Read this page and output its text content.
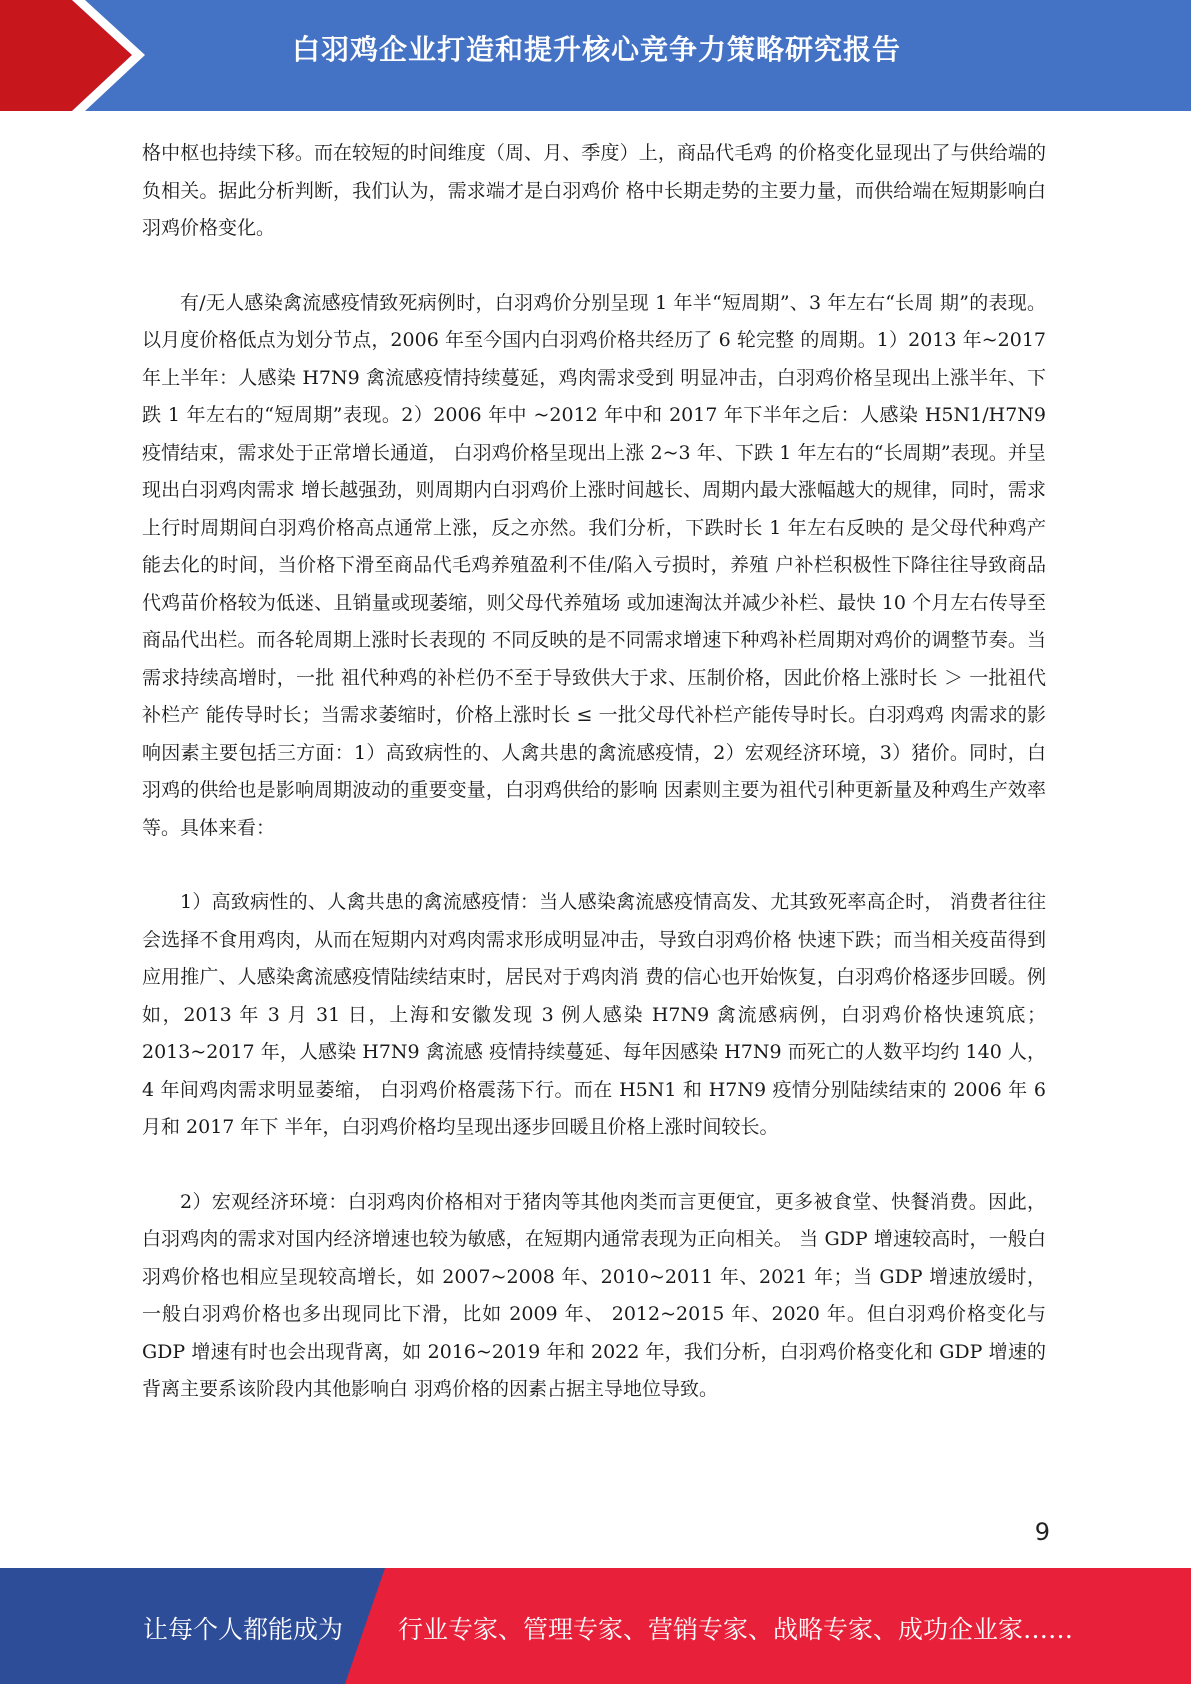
白羽鸡企业打造和提升核心竞争力策略研究报告

格中枢也持续下移。而在较短的时间维度（周、月、季度）上，商品代毛鸡 的价格变化显现出了与供给端的负相关。据此分析判断，我们认为，需求端才是白羽鸡价 格中长期走势的主要力量，而供给端在短期影响白羽鸡价格变化。

有/无人感染禽流感疫情致死病例时，白羽鸡价分别呈现 1 年半“短周期”、3 年左右“长周 期”的表现。以月度价格低点为划分节点，2006 年至今国内白羽鸡价格共经历了 6 轮完整 的周期。1）2013 年~2017 年上半年：人感染 H7N9 禽流感疫情持续蔓延，鸡肉需求受到 明显冲击，白羽鸡价格呈现出上涨半年、下跌 1 年左右的“短周期”表现。2）2006 年中 ~2012 年中和 2017 年下半年之后：人感染 H5N1/H7N9 疫情结束，需求处于正常增长通道， 白羽鸡价格呈现出上涨 2~3 年、下跌 1 年左右的“长周期”表现。并呈现出白羽鸡肉需求 增长越强劲，则周期内白羽鸡价上涨时间越长、周期内最大涨幅越大的规律，同时，需求 上行时周期间白羽鸡价格高点通常上涨，反之亦然。我们分析，下跌时长 1 年左右反映的 是父母代种鸡产能去化的时间，当价格下滑至商品代毛鸡养殖盈利不佳/陷入亏损时，养殖 户补栏积极性下降往往导致商品代鸡苗价格较为低迷、且销量或现萎缩，则父母代养殖场 或加速淘汰并减少补栏、最快 10 个月左右传导至商品代出栏。而各轮周期上涨时长表现的 不同反映的是不同需求增速下种鸡补栏周期对鸡价的调整节奏。当需求持续高增时，一批 祖代种鸡的补栏仍不至于导致供大于求、压制价格，因此价格上涨时长 ＞ 一批祖代补栏产 能传导时长；当需求萎缩时，价格上涨时长 ≤ 一批父母代补栏产能传导时长。白羽鸡鸡 肉需求的影响因素主要包括三方面：1）高致病性的、人禽共患的禽流感疫情，2）宏观经济环境，3）猪价。同时，白羽鸡的供给也是影响周期波动的重要变量，白羽鸡供给的影响 因素则主要为祖代引种更新量及种鸡生产效率等。具体来看：

1）高致病性的、人禽共患的禽流感疫情：当人感染禽流感疫情高发、尤其致死率高企时， 消费者往往会选择不食用鸡肉，从而在短期内对鸡肉需求形成明显冲击，导致白羽鸡价格 快速下跌；而当相关疫苗得到应用推广、人感染禽流感疫情陆续结束时，居民对于鸡肉消 费的信心也开始恢复，白羽鸡价格逐步回暖。例如，2013 年 3 月 31 日，上海和安徽发现 3 例人感染 H7N9 禽流感病例，白羽鸡价格快速筑底；2013~2017 年，人感染 H7N9 禽流感 疫情持续蔓延、每年因感染 H7N9 而死亡的人数平均约 140 人，4 年间鸡肉需求明显萎缩， 白羽鸡价格震荡下行。而在 H5N1 和 H7N9 疫情分别陆续结束的 2006 年 6 月和 2017 年下 半年，白羽鸡价格均呈现出逐步回暖且价格上涨时间较长。

2）宏观经济环境：白羽鸡肉价格相对于猪肉等其他肉类而言更便宜，更多被食堂、快餐消费。因此，白羽鸡肉的需求对国内经济增速也较为敏感，在短期内通常表现为正向相关。 当 GDP 增速较高时，一般白羽鸡价格也相应呈现较高增长，如 2007~2008 年、2010~2011 年、2021 年；当 GDP 增速放缓时，一般白羽鸡价格也多出现同比下滑，比如 2009 年、 2012~2015 年、2020 年。但白羽鸡价格变化与 GDP 增速有时也会出现背离，如 2016~2019 年和 2022 年，我们分析，白羽鸡价格变化和 GDP 增速的背离主要系该阶段内其他影响白 羽鸡价格的因素占据主导地位导致。

9
让每个人都能成为 行业专家、管理专家、营销专家、战略专家、成功企业家……
